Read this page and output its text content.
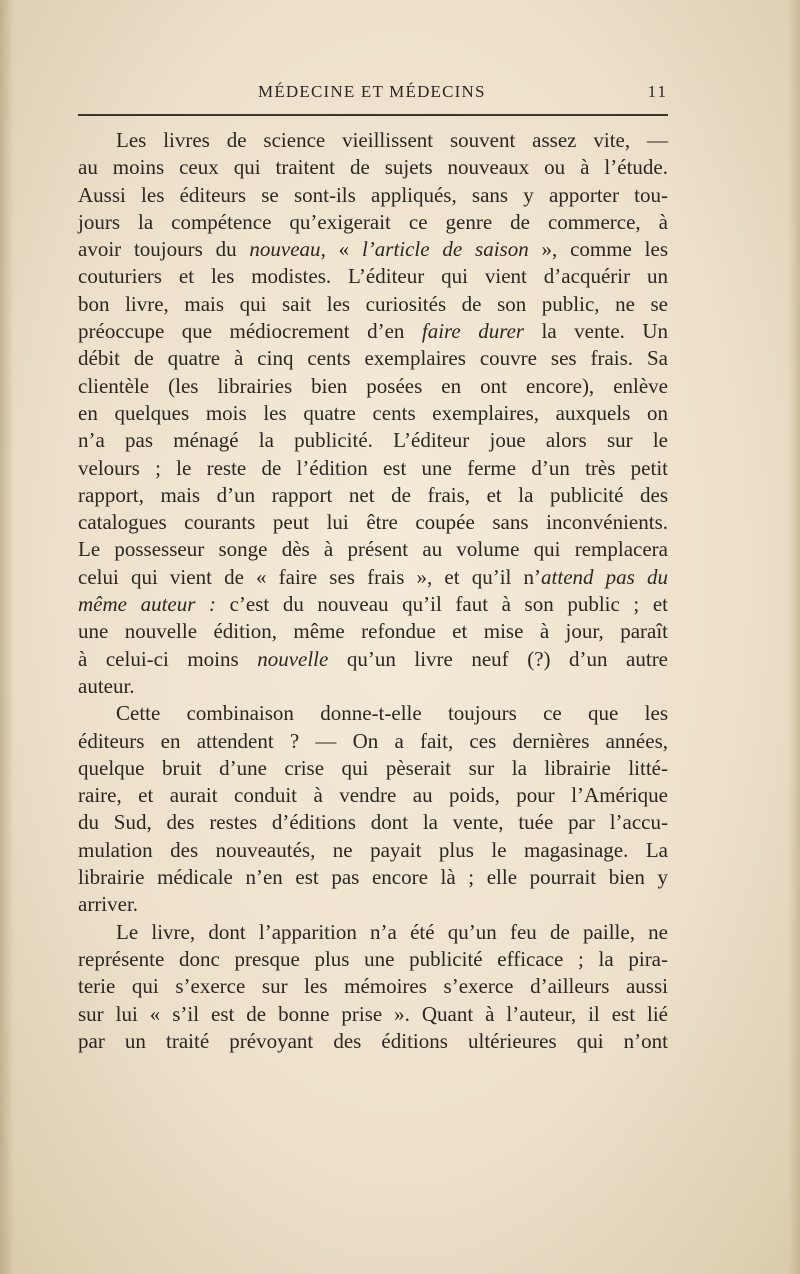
MÉDECINE ET MÉDECINS	11
Les livres de science vieillissent souvent assez vite, —
au moins ceux qui traitent de sujets nouveaux ou à l’étude.
Aussi les éditeurs se sont-ils appliqués, sans y apporter tou-
jours la compétence qu’exigerait ce genre de commerce, à
avoir toujours du nouveau, « l’article de saison », comme les
couturiers et les modistes. L’éditeur qui vient d’acquérir un
bon livre, mais qui sait les curiosités de son public, ne se
préoccupe que médiocrement d’en faire durer la vente. Un
débit de quatre à cinq cents exemplaires couvre ses frais. Sa
clientèle (les librairies bien posées en ont encore), enlève
en quelques mois les quatre cents exemplaires, auxquels on
n’a pas ménagé la publicité. L’éditeur joue alors sur le
velours ; le reste de l’édition est une ferme d’un très petit
rapport, mais d’un rapport net de frais, et la publicité des
catalogues courants peut lui être coupée sans inconvénients.
Le possesseur songe dès à présent au volume qui remplacera
celui qui vient de « faire ses frais », et qu’il n’attend pas du
même auteur : c’est du nouveau qu’il faut à son public ; et
une nouvelle édition, même refondue et mise à jour, paraît
à celui-ci moins nouvelle qu’un livre neuf (?) d’un autre
auteur.
Cette combinaison donne-t-elle toujours ce que les
éditeurs en attendent ? — On a fait, ces dernières années,
quelque bruit d’une crise qui pèserait sur la librairie litté-
raire, et aurait conduit à vendre au poids, pour l’Amérique
du Sud, des restes d’éditions dont la vente, tuée par l’accu-
mulation des nouveautés, ne payait plus le magasinage. La
librairie médicale n’en est pas encore là ; elle pourrait bien y
arriver.
Le livre, dont l’apparition n’a été qu’un feu de paille, ne
représente donc presque plus une publicité efficace ; la pira-
terie qui s’exerce sur les mémoires s’exerce d’ailleurs aussi
sur lui « s’il est de bonne prise ». Quant à l’auteur, il est lié
par un traité prévoyant des éditions ultérieures qui n’ont
